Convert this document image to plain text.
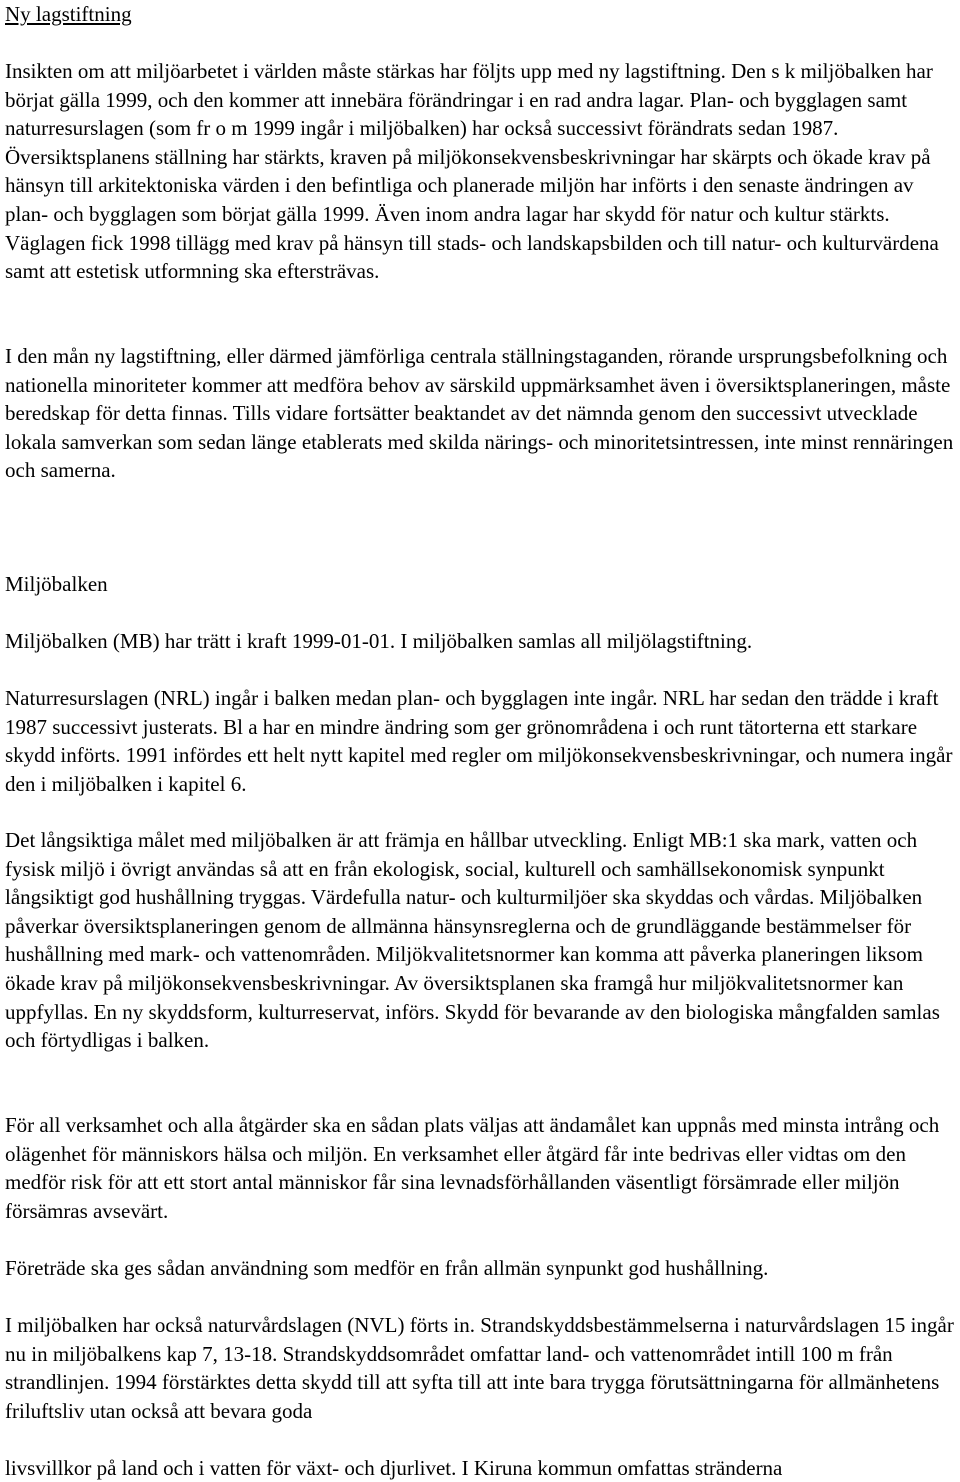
Ny lagstiftning

Insikten om att miljöarbetet i världen måste stärkas har följts upp med ny lagstiftning. Den s k miljöbalken har börjat gälla 1999, och den kommer att innebära förändringar i en rad andra lagar. Plan- och bygglagen samt naturresurslagen (som fr o m 1999 ingår i miljöbalken) har också successivt förändrats sedan 1987. Översiktsplanens ställning har stärkts, kraven på miljökonsekvensbeskrivningar har skärpts och ökade krav på hänsyn till arkitektoniska värden i den befintliga och planerade miljön har införts i den senaste ändringen av plan- och bygglagen som börjat gälla 1999. Även inom andra lagar har skydd för natur och kultur stärkts. Väglagen fick 1998 tillägg med krav på hänsyn till stads- och landskapsbilden och till natur- och kulturvärdena samt att estetisk utformning ska eftersträvas.

I den mån ny lagstiftning, eller därmed jämförliga centrala ställningstaganden, rörande ursprungsbefolkning och nationella minoriteter kommer att medföra behov av särskild uppmärksamhet även i översiktsplaneringen, måste beredskap för detta finnas. Tills vidare fortsätter beaktandet av det nämnda genom den successivt utvecklade lokala samverkan som sedan länge etablerats med skilda närings- och minoritetsintressen, inte minst rennäringen och samerna.

Miljöbalken

Miljöbalken (MB) har trätt i kraft 1999-01-01. I miljöbalken samlas all miljölagstiftning.

Naturresurslagen (NRL) ingår i balken medan plan- och bygglagen inte ingår. NRL har sedan den trädde i kraft 1987 successivt justerats. Bl a har en mindre ändring som ger grönområdena i och runt tätorterna ett starkare skydd införts. 1991 infördes ett helt nytt kapitel med regler om miljökonsekvensbeskrivningar, och numera ingår den i miljöbalken i kapitel 6.

Det långsiktiga målet med miljöbalken är att främja en hållbar utveckling. Enligt MB:1 ska mark, vatten och fysisk miljö i övrigt användas så att en från ekologisk, social, kulturell och samhällsekonomisk synpunkt långsiktigt god hushållning tryggas. Värdefulla natur- och kulturmiljöer ska skyddas och vårdas. Miljöbalken påverkar översiktsplaneringen genom de allmänna hänsynsreglerna och de grundläggande bestämmelser för hushållning med mark- och vattenområden. Miljökvalitetsnormer kan komma att påverka planeringen liksom ökade krav på miljökonsekvensbeskrivningar. Av översiktsplanen ska framgå hur miljökvalitetsnormer kan uppfyllas. En ny skyddsform, kulturreservat, införs. Skydd för bevarande av den biologiska mångfalden samlas och förtydligas i balken.

För all verksamhet och alla åtgärder ska en sådan plats väljas att ändamålet kan uppnås med minsta intrång och olägenhet för människors hälsa och miljön. En verksamhet eller åtgärd får inte bedrivas eller vidtas om den medför risk för att ett stort antal människor får sina levnadsförhållanden väsentligt försämrade eller miljön försämras avsevärt.

Företräde ska ges sådan användning som medför en från allmän synpunkt god hushållning.

I miljöbalken har också naturvårdslagen (NVL) förts in. Strandskyddsbestämmelserna i naturvårdslagen 15 ingår nu in miljöbalkens kap 7, 13-18. Strandskyddsområdet omfattar land- och vattenområdet intill 100 m från strandlinjen. 1994 förstärktes detta skydd till att syfta till att inte bara trygga förutsättningarna för allmänhetens friluftsliv utan också att bevara goda

livsvillkor på land och i vatten för växt- och djurlivet. I Kiruna kommun omfattas stränderna
